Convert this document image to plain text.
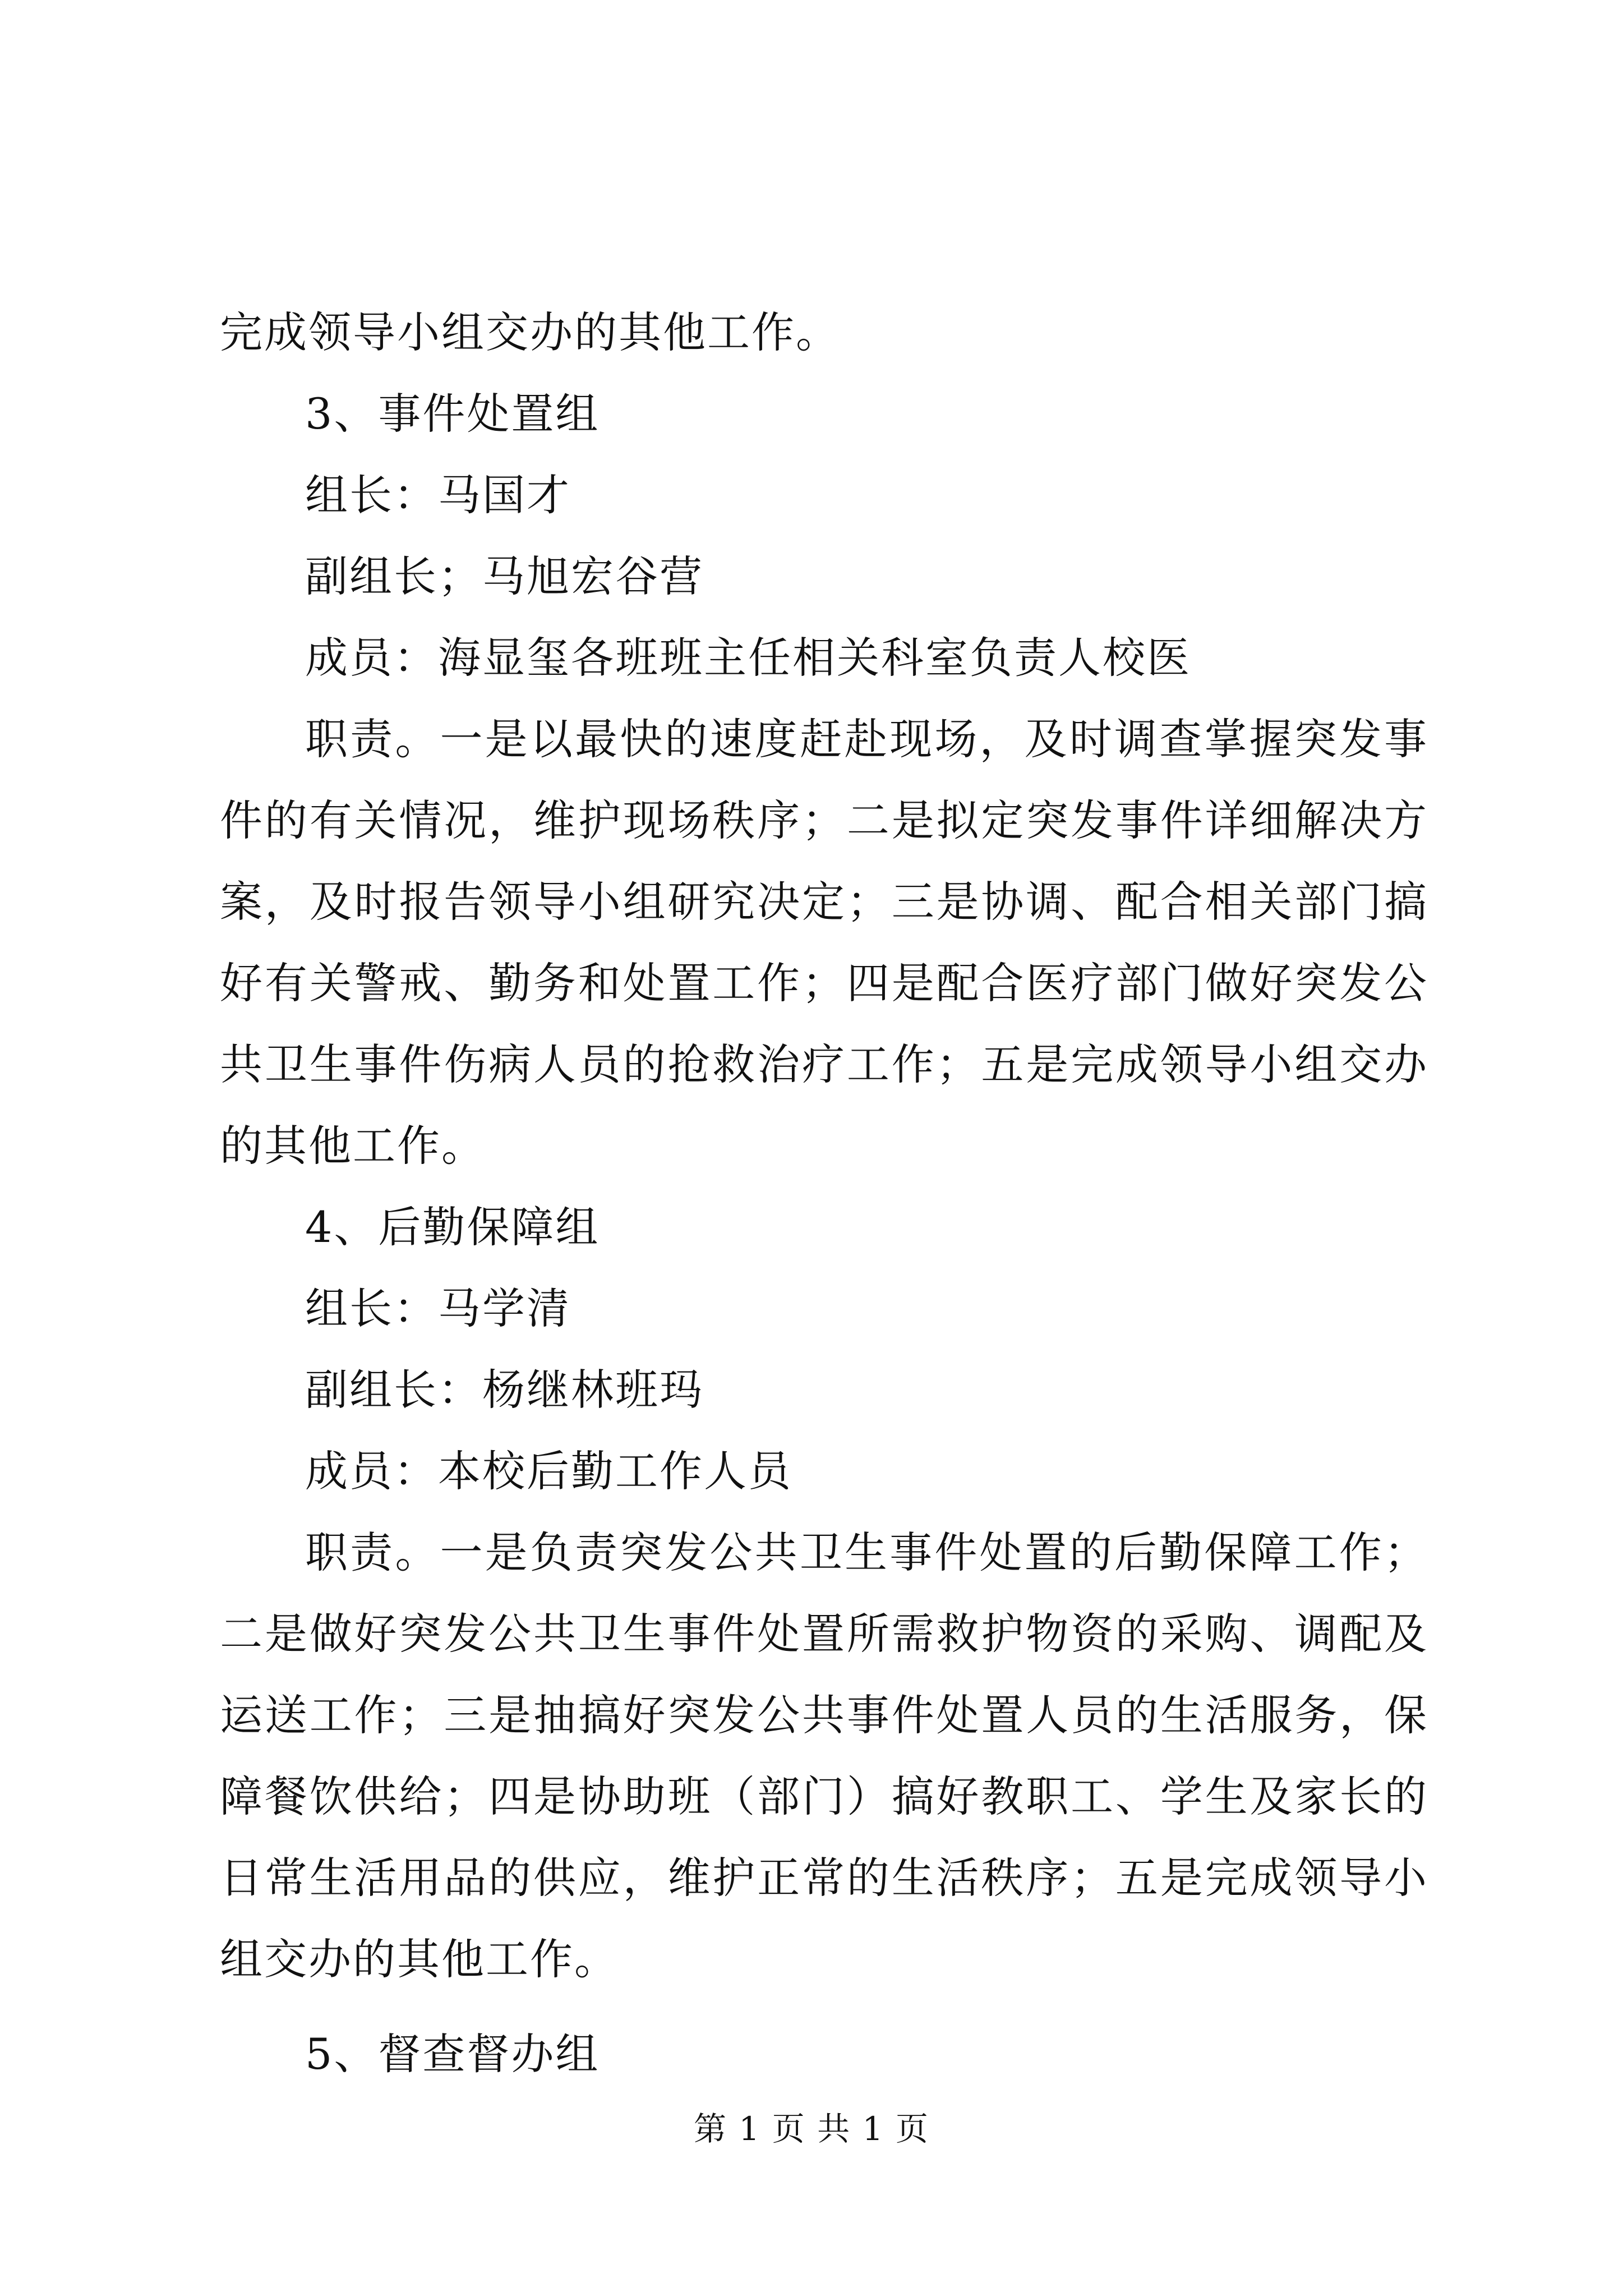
完成领导小组交办的其他工作。

3、事件处置组

组长：马国才

副组长；马旭宏谷营

成员：海显玺各班班主任相关科室负责人校医

职责。一是以最快的速度赶赴现场，及时调查掌握突发事件的有关情况，维护现场秩序；二是拟定突发事件详细解决方案，及时报告领导小组研究决定；三是协调、配合相关部门搞好有关警戒、勤务和处置工作；四是配合医疗部门做好突发公共卫生事件伤病人员的抢救治疗工作；五是完成领导小组交办的其他工作。

4、后勤保障组

组长：马学清

副组长：杨继林班玛

成员：本校后勤工作人员

职责。一是负责突发公共卫生事件处置的后勤保障工作；二是做好突发公共卫生事件处置所需救护物资的采购、调配及运送工作；三是抽搞好突发公共事件处置人员的生活服务，保障餐饮供给；四是协助班（部门）搞好教职工、学生及家长的日常生活用品的供应，维护正常的生活秩序；五是完成领导小组交办的其他工作。

5、督查督办组

第 1 页 共 1 页
